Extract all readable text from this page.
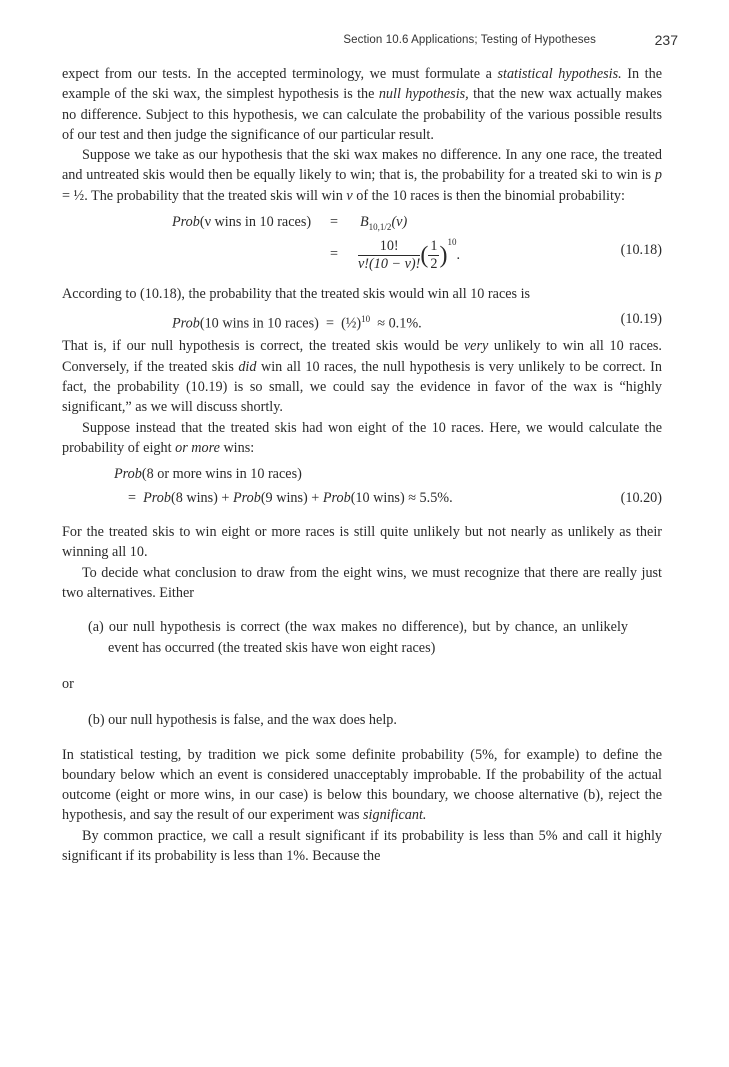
Section 10.6 Applications; Testing of Hypotheses	237

expect from our tests. In the accepted terminology, we must formulate a statistical hypothesis. In the example of the ski wax, the simplest hypothesis is the null hypothesis, that the new wax actually makes no difference. Subject to this hypothesis, we can calculate the probability of the various possible results of our test and then judge the significance of our particular result.

Suppose we take as our hypothesis that the ski wax makes no difference. In any one race, the treated and untreated skis would then be equally likely to win; that is, the probability for a treated ski to win is p = ½. The probability that the treated skis will win ν of the 10 races is then the binomial probability:

Prob(ν wins in 10 races) = $B_{10,1/2}(\nu)$
= $\frac{10!}{\nu!(10 - \nu)!}$ ( $\frac{1}{2} )^{10}$.	(10.18)

According to (10.18), the probability that the treated skis would win all 10 races is

Prob(10 wins in 10 races) = (½)$^{10}$ ≈ 0.1%.	(10.19)

That is, if our null hypothesis is correct, the treated skis would be very unlikely to win all 10 races. Conversely, if the treated skis did win all 10 races, the null hypothesis is very unlikely to be correct. In fact, the probability (10.19) is so small, we could say the evidence in favor of the wax is “highly significant,” as we will discuss shortly.

Suppose instead that the treated skis had won eight of the 10 races. Here, we would calculate the probability of eight or more wins:

Prob(8 or more wins in 10 races)
= Prob(8 wins) + Prob(9 wins) + Prob(10 wins) ≈ 5.5%.	(10.20)

For the treated skis to win eight or more races is still quite unlikely but not nearly as unlikely as their winning all 10.

To decide what conclusion to draw from the eight wins, we must recognize that there are really just two alternatives. Either

(a) our null hypothesis is correct (the wax makes no difference), but by chance, an unlikely event has occurred (the treated skis have won eight races)

or

(b) our null hypothesis is false, and the wax does help.

In statistical testing, by tradition we pick some definite probability (5%, for example) to define the boundary below which an event is considered unacceptably improbable. If the probability of the actual outcome (eight or more wins, in our case) is below this boundary, we choose alternative (b), reject the hypothesis, and say the result of our experiment was significant.

By common practice, we call a result significant if its probability is less than 5% and call it highly significant if its probability is less than 1%. Because the
